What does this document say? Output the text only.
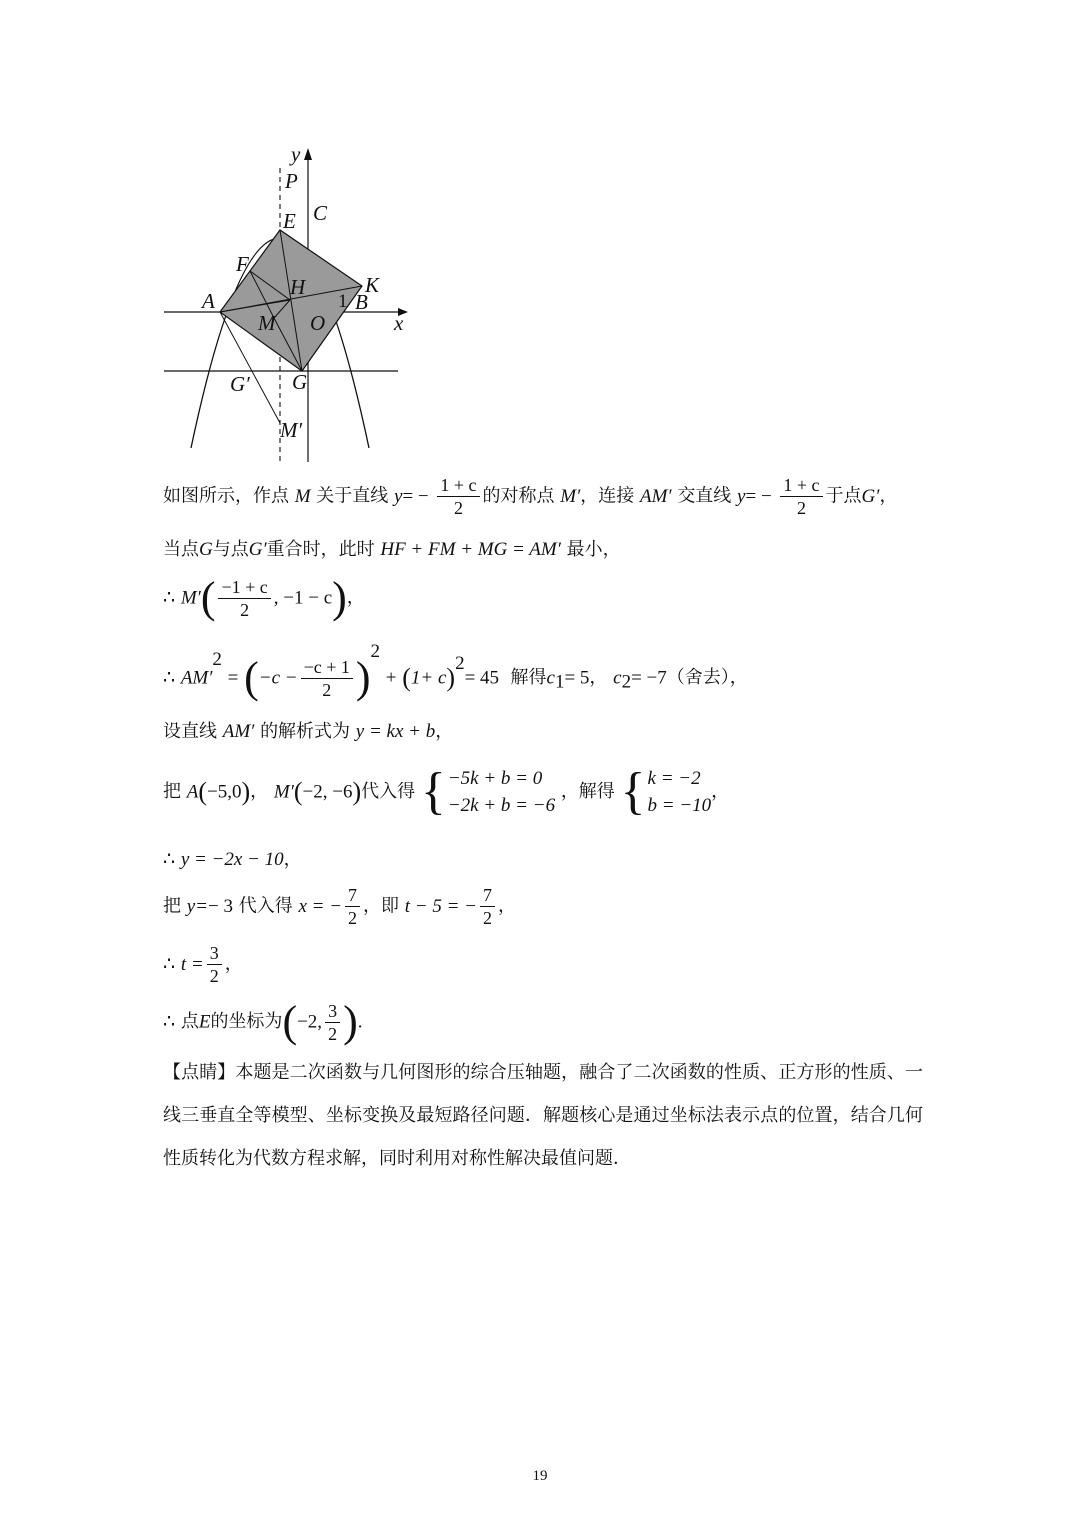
y
x
P
C
E
F
H	K
A	1 B
M O
G′ G
M′
如图所示，作点 M 关于直线 $y= - \frac{1 + c}{2}$ 的对称点 M′，连接 AM′ 交直线 $y= - \frac{1 + c}{2}$ 于点G′，
当点G与点G′重合时，此时 HF + FM + MG = AM′ 最小，
∴ $M'( \frac{-1 + c}{2}$ , −1 − c)，
∴ $AM'^2 = (-c - \frac{-c + 1}{2} )^2 + (1+ c)^2= 45$ 解得$c_1= 5$， $c_2= -7$（舍去），
设直线 AM′ 的解析式为 y = kx + b，
把 A(−5,0)， M′(−2, −6)代入得 { −5k + b = 0
−2k + b = −6
，解得 { k = −2
b = −10
，
∴ y = −2x − 10，
把 y=− 3 代入得 x = − $\frac{7}{2}$ ，即 t − 5 = − $\frac{7}{2}$ ，
∴ $t = \frac{3}{2}$ ，
∴ 点E的坐标为(−2, $\frac{3}{2}$ ).
【点睛】本题是二次函数与几何图形的综合压轴题，融合了二次函数的性质、正方形的性质、一线三垂直全等模型、坐标变换及最短路径问题．解题核心是通过坐标法表示点的位置，结合几何性质转化为代数方程求解，同时利用对称性解决最值问题．
19
